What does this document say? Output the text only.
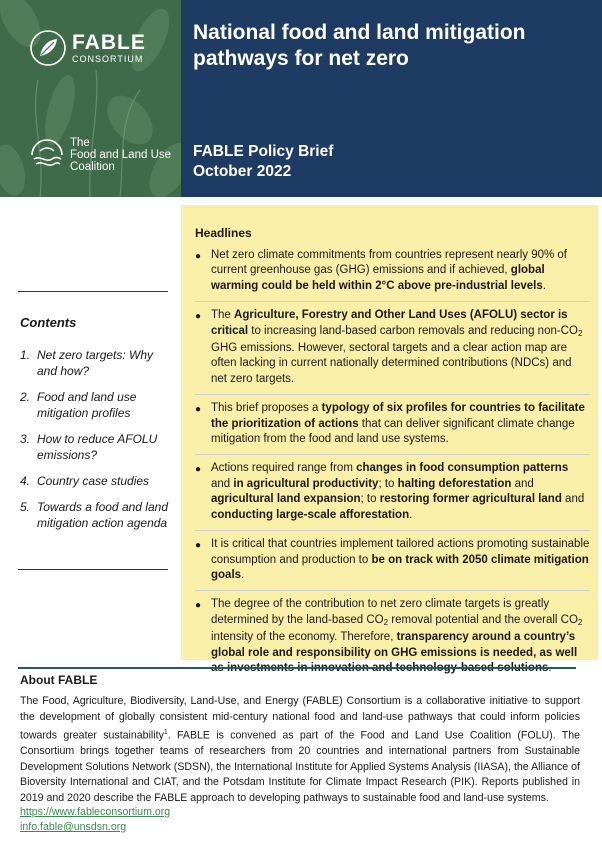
FABLE
CONSORTIUM
The
Food and Land Use
Coalition
National food and land mitigation
pathways for net zero
FABLE Policy Brief
October 2022
Contents
1. Net zero targets: Why and how?
2. Food and land use mitigation profiles
3. How to reduce AFOLU emissions?
4. Country case studies
5. Towards a food and land mitigation action agenda
Headlines
● Net zero climate commitments from countries represent nearly 90% of current greenhouse gas (GHG) emissions and if achieved, global warming could be held within 2°C above pre-industrial levels.
● The Agriculture, Forestry and Other Land Uses (AFOLU) sector is critical to increasing land-based carbon removals and reducing non-$CO_2$ GHG emissions. However, sectoral targets and a clear action map are often lacking in current nationally determined contributions (NDCs) and net zero targets.
● This brief proposes a typology of six profiles for countries to facilitate the prioritization of actions that can deliver significant climate change mitigation from the food and land use systems.
● Actions required range from changes in food consumption patterns and in agricultural productivity; to halting deforestation and agricultural land expansion; to restoring former agricultural land and conducting large-scale afforestation.
● It is critical that countries implement tailored actions promoting sustainable consumption and production to be on track with 2050 climate mitigation goals.
● The degree of the contribution to net zero climate targets is greatly determined by the land-based $CO_2$ removal potential and the overall $CO_2$ intensity of the economy. Therefore, transparency around a country’s global role and responsibility on GHG emissions is needed, as well as investments in innovation and technology-based solutions.
About FABLE

The Food, Agriculture, Biodiversity, Land-Use, and Energy (FABLE) Consortium is a collaborative initiative to support the development of globally consistent mid-century national food and land-use pathways that could inform policies towards greater sustainability$^1$. FABLE is convened as part of the Food and Land Use Coalition (FOLU). The Consortium brings together teams of researchers from 20 countries and international partners from Sustainable Development Solutions Network (SDSN), the International Institute for Applied Systems Analysis (IIASA), the Alliance of Bioversity International and CIAT, and the Potsdam Institute for Climate Impact Research (PIK). Reports published in 2019 and 2020 describe the FABLE approach to developing pathways to sustainable food and land-use systems.

https://www.fableconsortium.org
info.fable@unsdsn.org
